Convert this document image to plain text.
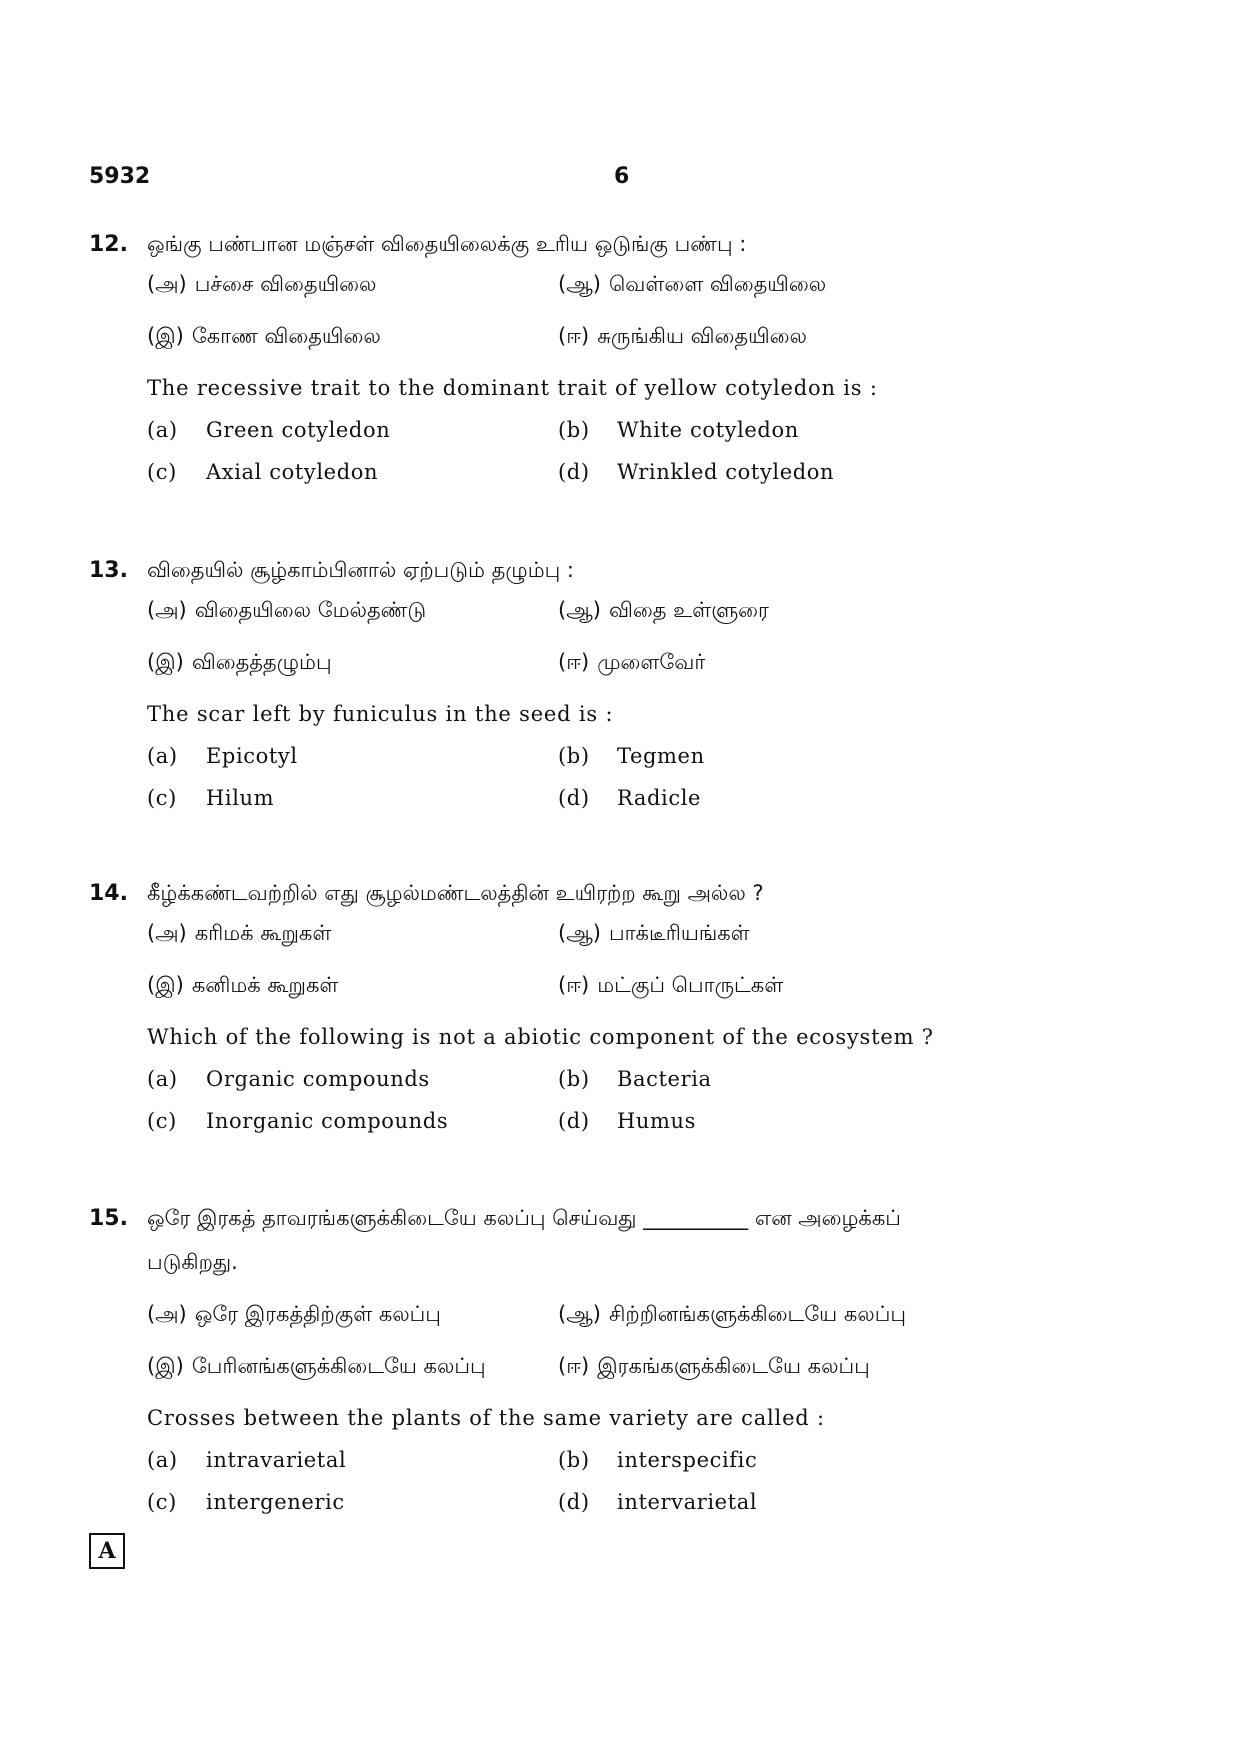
5932	6
12. ஒங்கு பண்பான மஞ்சள் விதையிலைக்கு உரிய ஒடுங்கு பண்பு :
(அ) பச்சை விதையிலை	(ஆ) வெள்ளை விதையிலை
(இ) கோண விதையிலை	(ஈ) சுருங்கிய விதையிலை
The recessive trait to the dominant trait of yellow cotyledon is :
(a) Green cotyledon	(b) White cotyledon
(c) Axial cotyledon	(d) Wrinkled cotyledon
13. விதையில் சூழ்காம்பினால் ஏற்படும் தழும்பு :
(அ) விதையிலை மேல்தண்டு	(ஆ) விதை உள்ளுரை
(இ) விதைத்தழும்பு	(ஈ) முளைவேர்
The scar left by funiculus in the seed is :
(a) Epicotyl	(b) Tegmen
(c) Hilum	(d) Radicle
14. கீழ்க்கண்டவற்றில் எது சூழல்மண்டலத்தின் உயிரற்ற கூறு அல்ல ?
(அ) கரிமக் கூறுகள்	(ஆ) பாக்டீரியங்கள்
(இ) கனிமக் கூறுகள்	(ஈ) மட்குப் பொருட்கள்
Which of the following is not a abiotic component of the ecosystem ?
(a) Organic compounds	(b) Bacteria
(c) Inorganic compounds	(d) Humus
15. ஒரே இரகத் தாவரங்களுக்கிடையே கலப்பு செய்வது __________ என அழைக்கப்
படுகிறது.
(அ) ஒரே இரகத்திற்குள் கலப்பு	(ஆ) சிற்றினங்களுக்கிடையே கலப்பு
(இ) பேரினங்களுக்கிடையே கலப்பு	(ஈ) இரகங்களுக்கிடையே கலப்பு
Crosses between the plants of the same variety are called :
(a) intravarietal	(b) interspecific
(c) intergeneric	(d) intervarietal
A
